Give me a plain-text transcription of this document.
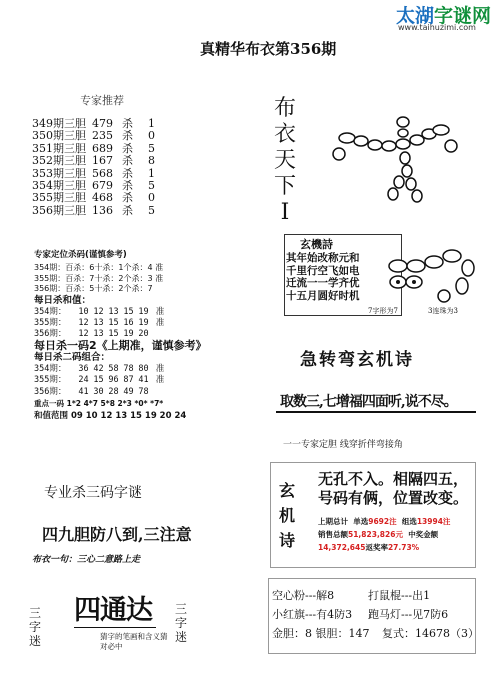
太湖字谜网
www.taihuzimi.com
真精华布衣第356期
专家推荐
349期三胆 479 杀 1
350期三胆 235 杀 0
351期三胆 689 杀 5
352期三胆 167 杀 8
353期三胆 568 杀 1
354期三胆 679 杀 5
355期三胆 468 杀 0
356期三胆 136 杀 5
布
衣
天
下
I
玄機詩
其年始改称元和
千里行空飞如电
迁流一一学齐优
十五月圆好时机
7字形为7	3连珠为3
专家定位杀码(谨慎参考)
354期：百杀：6十杀：1个杀：4 准
355期：百杀：7十杀：2个杀：3 准
356期：百杀：5十杀：2个杀：7
每日杀和值：
354期： 10 12 13 15 19 准
355期： 12 13 15 16 19 准
356期： 12 13 15 19 20
每日杀一码2《上期准，谨慎参考》
每日杀二码组合：
354期： 36 42 58 78 80 准
355期： 24 15 96 87 41 准
356期： 41 30 28 49 78
重点一码 1*2 4*7 5*8 2*3 *0* *7*
和值范围 09 10 12 13 15 19 20 24
急转弯玄机诗
取数三,七增福四面听,说不尽。
一一专家定胆 线穿折伴弯接角
玄
机
诗
无孔不入。相隔四五，
号码有俩，位置改变。
上期总计 单选9692注 组选13994注
销售总额51,823,826元 中奖金额
14,372,645返奖率27.73%
空心粉---解8	打鼠棍---出1
小红旗---有4防3 跑马灯---见7防6
金胆：8 银胆：147 复式：14678（3）
专业杀三码字谜
四九胆防八到,三注意
布衣一句：三心二意路上走
三
字
迷
三
字
迷
四通达
猜字的笔画和含义猜对必中
